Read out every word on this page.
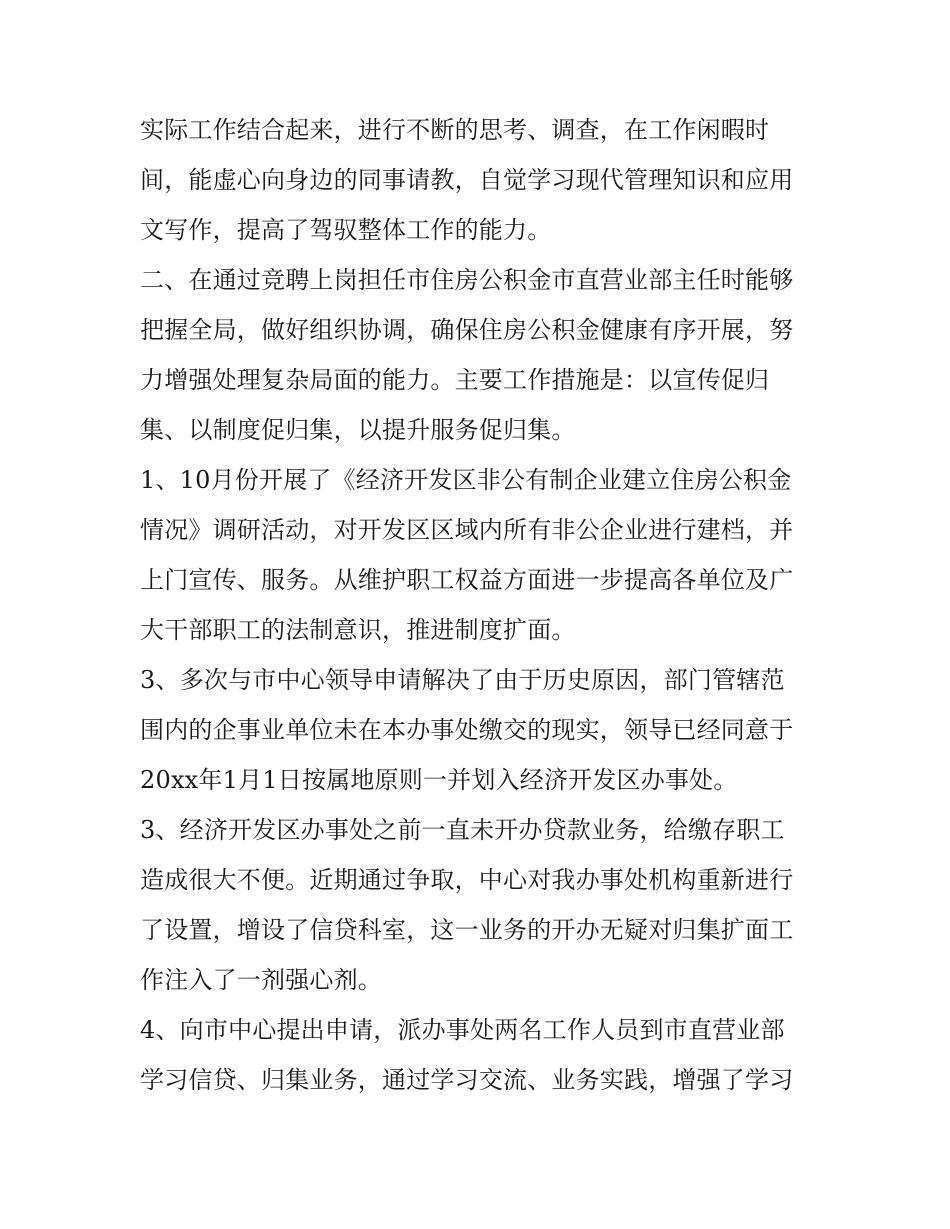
实际工作结合起来，进行不断的思考、调查，在工作闲暇时
间，能虚心向身边的同事请教，自觉学习现代管理知识和应用
文写作，提高了驾驭整体工作的能力。

二、在通过竞聘上岗担任市住房公积金市直营业部主任时能够
把握全局，做好组织协调，确保住房公积金健康有序开展，努
力增强处理复杂局面的能力。主要工作措施是：以宣传促归
集、以制度促归集，以提升服务促归集。

1、10月份开展了《经济开发区非公有制企业建立住房公积金
情况》调研活动，对开发区区域内所有非公企业进行建档，并
上门宣传、服务。从维护职工权益方面进一步提高各单位及广
大干部职工的法制意识，推进制度扩面。

3、多次与市中心领导申请解决了由于历史原因，部门管辖范
围内的企事业单位未在本办事处缴交的现实，领导已经同意于
20xx年1月1日按属地原则一并划入经济开发区办事处。

3、经济开发区办事处之前一直未开办贷款业务，给缴存职工
造成很大不便。近期通过争取，中心对我办事处机构重新进行
了设置，增设了信贷科室，这一业务的开办无疑对归集扩面工
作注入了一剂强心剂。

4、向市中心提出申请，派办事处两名工作人员到市直营业部
学习信贷、归集业务，通过学习交流、业务实践，增强了学习
